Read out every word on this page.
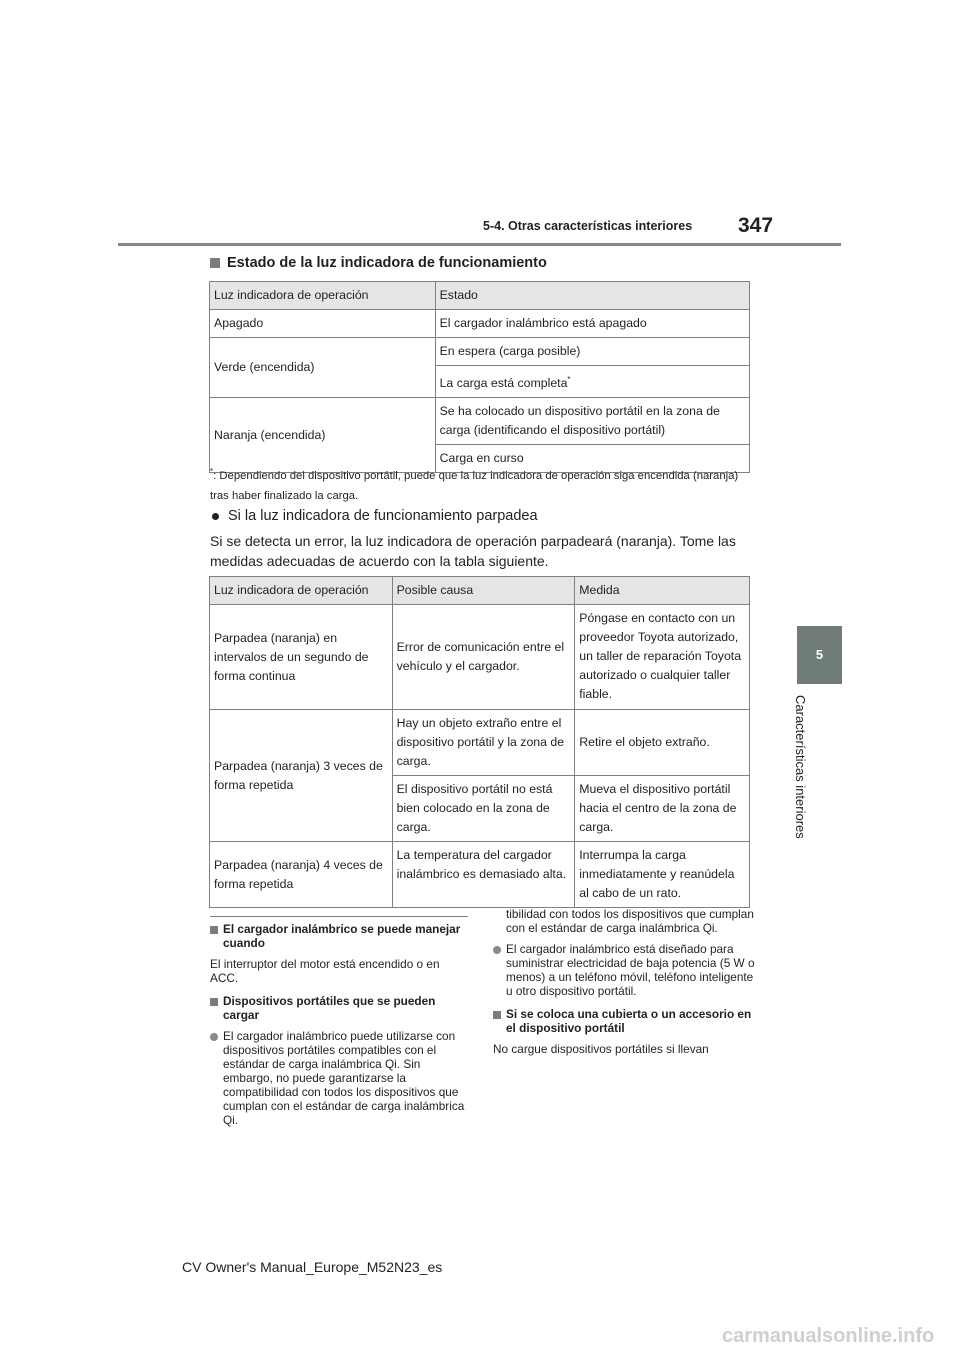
5-4. Otras características interiores 347
5
Características interiores
Estado de la luz indicadora de funcionamiento
Luz indicadora de operación	Estado
Apagado	El cargador inalámbrico está apagado
Verde (encendida)	En espera (carga posible)
	La carga está completa*
Naranja (encendida)	Se ha colocado un dispositivo portátil en la zona de carga (identificando el dispositivo portátil)
	Carga en curso
*: Dependiendo del dispositivo portátil, puede que la luz indicadora de operación siga encendida (naranja) tras haber finalizado la carga.
Si la luz indicadora de funcionamiento parpadea
Si se detecta un error, la luz indicadora de operación parpadeará (naranja). Tome las medidas adecuadas de acuerdo con la tabla siguiente.
Luz indicadora de operación	Posible causa	Medida
Parpadea (naranja) en intervalos de un segundo de forma continua	Error de comunicación entre el vehículo y el cargador.	Póngase en contacto con un proveedor Toyota autorizado, un taller de reparación Toyota autorizado o cualquier taller fiable.
Parpadea (naranja) 3 veces de forma repetida	Hay un objeto extraño entre el dispositivo portátil y la zona de carga.	Retire el objeto extraño.
	El dispositivo portátil no está bien colocado en la zona de carga.	Mueva el dispositivo portátil hacia el centro de la zona de carga.
Parpadea (naranja) 4 veces de forma repetida	La temperatura del cargador inalámbrico es demasiado alta.	Interrumpa la carga inmediatamente y reanúdela al cabo de un rato.
El cargador inalámbrico se puede manejar cuando

El interruptor del motor está encendido o en ACC.

Dispositivos portátiles que se pueden cargar
El cargador inalámbrico puede utilizarse con dispositivos portátiles compatibles con el estándar de carga inalámbrica Qi. Sin embargo, no puede garantizarse la compatibilidad con todos los dispositivos que cumplan con el estándar de carga inalámbrica Qi.

tibilidad con todos los dispositivos que cumplan con el estándar de carga inalámbrica Qi.

El cargador inalámbrico está diseñado para suministrar electricidad de baja potencia (5 W o menos) a un teléfono móvil, teléfono inteligente u otro dispositivo portátil.
Si se coloca una cubierta o un accesorio en el dispositivo portátil

No cargue dispositivos portátiles si llevan

CV Owner's Manual_Europe_M52N23_es
carmanualsonline.info
